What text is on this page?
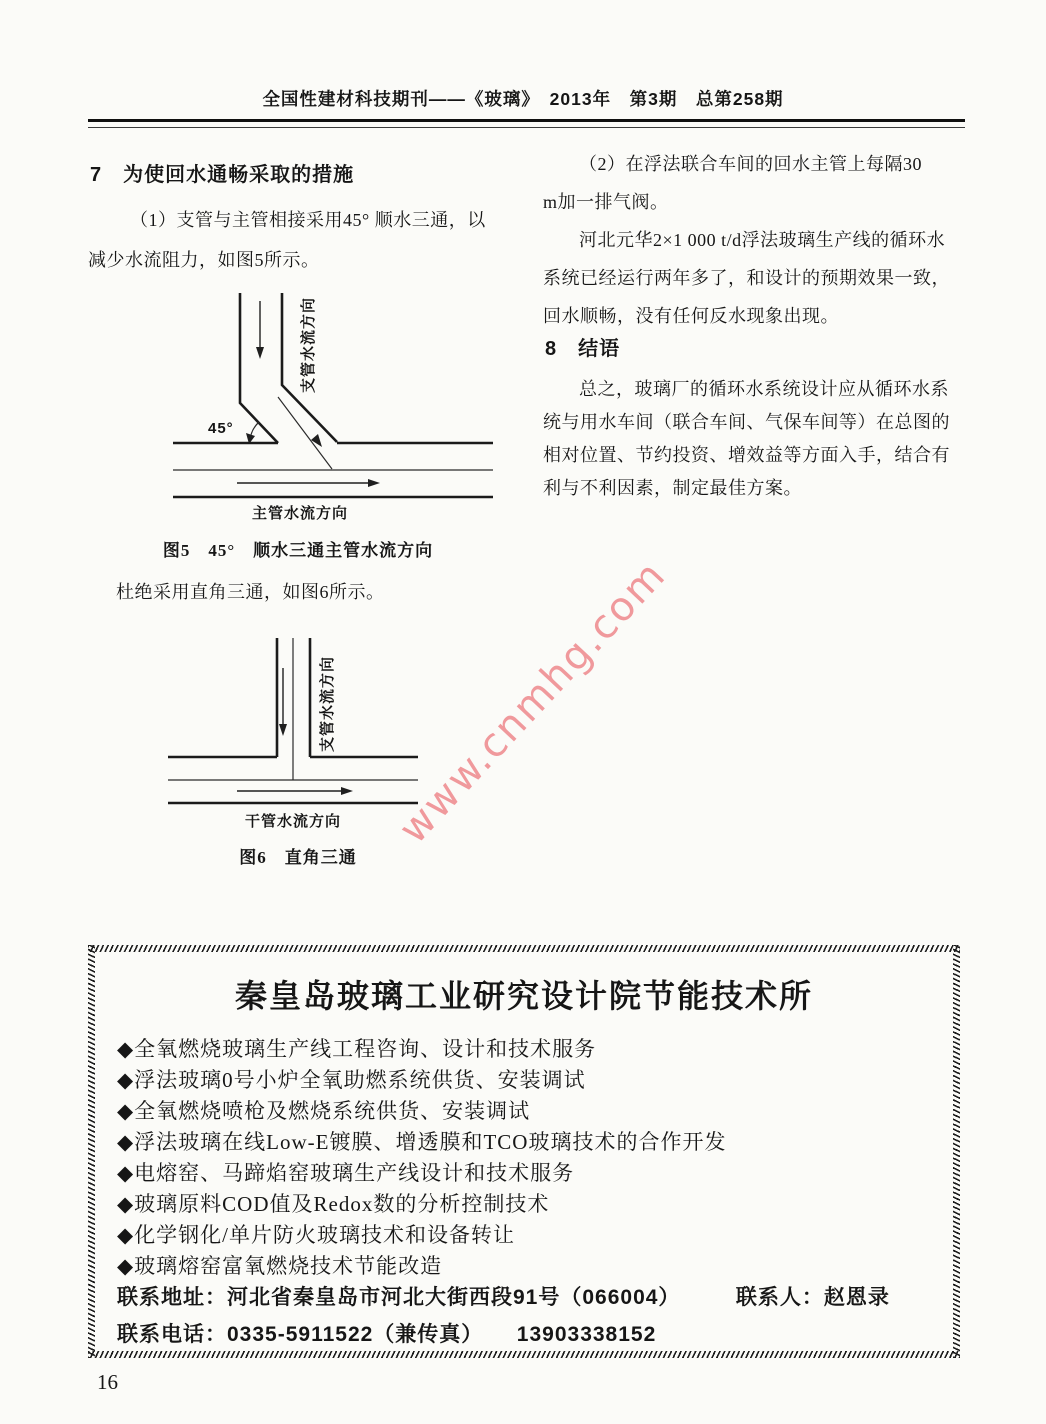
全国性建材科技期刊——《玻璃》　2013年　第3期　总第258期
7　为使回水通畅采取的措施
（1）支管与主管相接采用45° 顺水三通，以
减少水流阻力，如图5所示。
45°
主管水流方向
支管水流方向
图5　45°　顺水三通主管水流方向
杜绝采用直角三通，如图6所示。
干管水流方向
支管水流方向
图6　直角三通
（2）在浮法联合车间的回水主管上每隔30
m加一排气阀。
河北元华2×1 000 t/d浮法玻璃生产线的循环水
系统已经运行两年多了，和设计的预期效果一致，
回水顺畅，没有任何反水现象出现。
8　结语
总之，玻璃厂的循环水系统设计应从循环水系
统与用水车间（联合车间、气保车间等）在总图的
相对位置、节约投资、增效益等方面入手，结合有
利与不利因素，制定最佳方案。
www.cnmhg.com
秦皇岛玻璃工业研究设计院节能技术所
◆全氧燃烧玻璃生产线工程咨询、设计和技术服务
◆浮法玻璃0号小炉全氧助燃系统供货、安装调试
◆全氧燃烧喷枪及燃烧系统供货、安装调试
◆浮法玻璃在线Low-E镀膜、增透膜和TCO玻璃技术的合作开发
◆电熔窑、马蹄焰窑玻璃生产线设计和技术服务
◆玻璃原料COD值及Redox数的分析控制技术
◆化学钢化/单片防火玻璃技术和设备转让
◆玻璃熔窑富氧燃烧技术节能改造
联系地址：河北省秦皇岛市河北大街西段91号（066004）　　　联系人：赵恩录
联系电话：0335-5911522（兼传真）　　13903338152
16
